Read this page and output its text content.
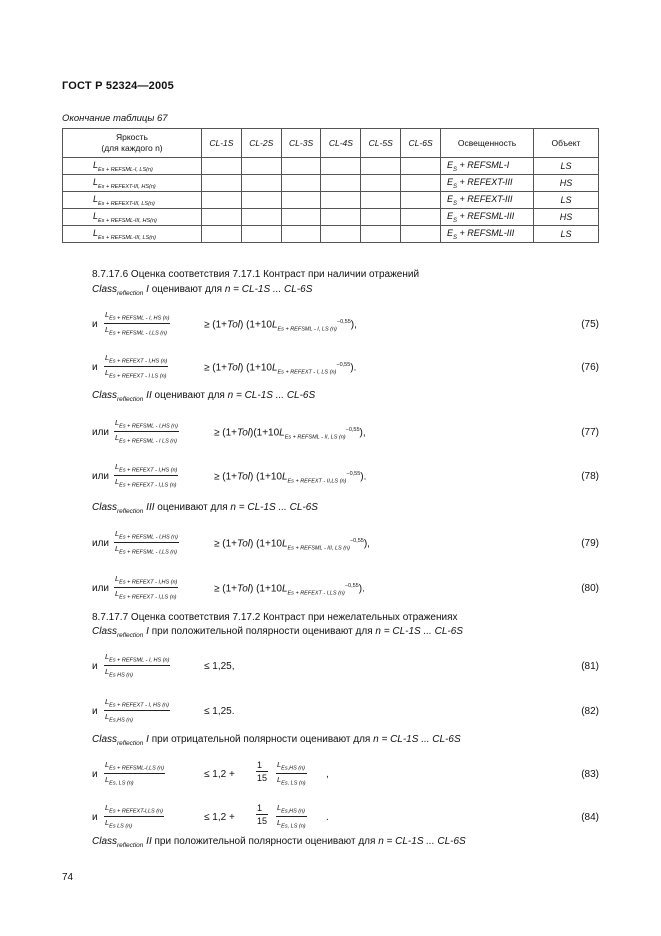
ГОСТ Р 52324—2005
Окончание таблицы 67
Яркость
(для каждого n)	CL-1S	CL-2S	CL-3S	CL-4S	CL-5S	CL-6S	Освещенность	Объект
$L_{Es + REFSML-I, LS(n)}$							$E_S$ + REFSML-I	LS
$L_{Es + REFEXT-III, HS(n)}$							$E_S$ + REFEXT-III	HS
$L_{Es + REFEXT-III, LS(n)}$							$E_S$ + REFEXT-III	LS
$L_{Es + REFSML-III, HS(n)}$							$E_S$ + REFSML-III	HS
$L_{Es + REFSML-III, LS(n)}$							$E_S$ + REFSML-III	LS
8.7.17.6 Оценка соответствия 7.17.1 Контраст при наличии отражений
Class$_{reflection}$ I оценивают для n = CL-1S ... CL-6S
и
$L_{Es + REFSML - I, HS (n)}$
$L_{Es + REFSML - I,LS (n)}$
≥ (1+Tol) $(1+10L_{Es + REFSML - I, LS (n)}^{-0,55})$,	(75)
и
$L_{Es + REFEXT - I,HS (n)}$
$L_{Es + REFEXT - I LS (n)}$
≥ (1+Tol) $(1+10L_{Es + REFEXT - I, LS (n)}^{-0,55})$.	(76)
Class$_{reflection}$ II оценивают для n = CL-1S ... CL-6S
или
$L_{Es + REFSML - I,HS (n)}$
$L_{Es + REFSML - I LS (n)}$
≥ $(1+Tol)(1+10L_{Es + REFSML - II, LS (n)}^{-0,55})$,	(77)
или
$L_{Es + REFEXT - I,HS (n)}$
$L_{Es + REFEXT - I,LS (n)}$
≥ (1+Tol) $(1+10L_{Es + REFEXT - II,LS (n)}^{-0,55})$.	(78)
Class$_{reflection}$ III оценивают для n = CL-1S ... CL-6S
или
$L_{Es + REFSML - I,HS (n)}$
$L_{Es + REFSML - I,LS (n)}$
≥ (1+Tol) $(1+10L_{Es + REFSML - III, LS (n)}^{-0,55})$,	(79)
или
$L_{Es + REFEXT - I,HS (n)}$
$L_{Es + REFEXT - I,LS (n)}$
≥ (1+Tol) $(1+10L_{Es + REFEXT - I,LS (n)}^{-0,55})$.	(80)
8.7.17.7 Оценка соответствия 7.17.2 Контраст при нежелательных отражениях
Class$_{reflection}$ I при положительной полярности оценивают для n = CL-1S ... CL-6S
и
$L_{Es + REFSML - I, HS (n)}$
$L_{Es HS (n)}$
≤ 1,25,	(81)
и
$L_{Es + REFEXT - I, HS (n)}$
$L_{Es,HS (n)}$
≤ 1,25.	(82)
Class$_{reflection}$ I при отрицательной полярности оценивают для n = CL-1S ... CL-6S
и
$L_{Es + REFSML-I,LS (n)}$
$L_{Es, LS (n)}$
≤ $1,2 + \frac{1}{15} L_{Es,HS (n)}$
$L_{Es, LS (n)}$
,	(83)
и
$L_{Es + REFEXT-I,LS (n)}$
$L_{Es LS (n)}$
≤ $1,2 + \frac{1}{15} L_{Es,HS (n)}$
$L_{Es, LS (n)}$
.	(84)
Class$_{reflection}$ II при положительной полярности оценивают для n = CL-1S ... CL-6S
74
